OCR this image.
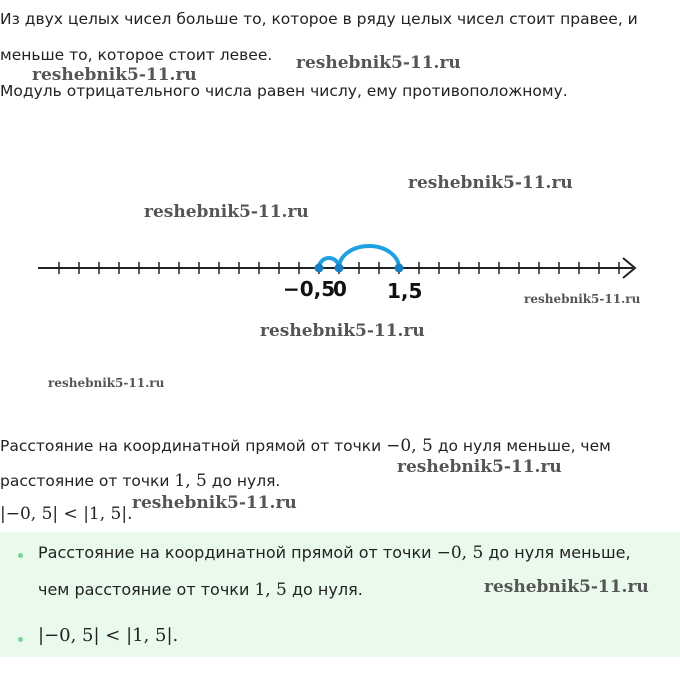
Из двух целых чисел больше то, которое в ряду целых чисел стоит правее, и
меньше то, которое стоит левее.
Модуль отрицательного числа равен числу, ему противоположному.
−0,5
0 1,5
Расстояние на координатной прямой от точки −0, 5 до нуля меньше, чем
расстояние от точки 1, 5 до нуля.
|−0, 5| < |1, 5|.
Расстояние на координатной прямой от точки −0, 5 до нуля меньше,
чем расстояние от точки 1, 5 до нуля.
|−0, 5| < |1, 5|.
reshebnik5-11.ru
reshebnik5-11.ru
reshebnik5-11.ru
reshebnik5-11.ru
reshebnik5-11.ru
reshebnik5-11.ru
reshebnik5-11.ru
reshebnik5-11.ru
reshebnik5-11.ru
reshebnik5-11.ru
